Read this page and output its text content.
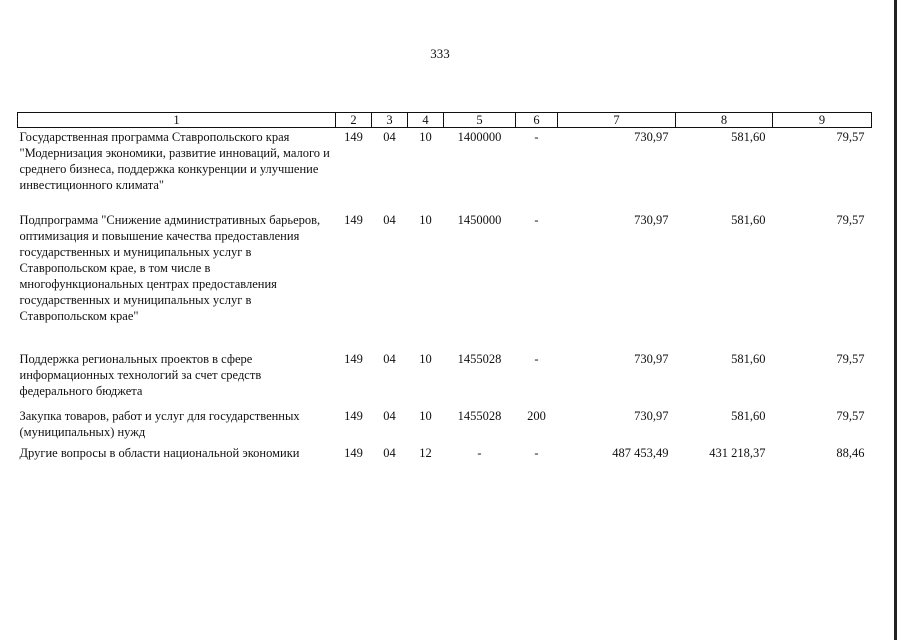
333
1	2	3	4	5	6	7	8	9
Государственная программа Ставропольского края "Модернизация экономики, развитие инноваций, малого и среднего бизнеса, поддержка конкуренции и улучшение инвестиционного климата"	149	04	10	1400000	-	730,97	581,60	79,57
Подпрограмма "Снижение административных барьеров, оптимизация и повышение качества предоставления государственных и муниципальных услуг в Ставропольском крае, в том числе в многофункциональных центрах предоставления государственных и муниципальных услуг в Ставропольском крае"	149	04	10	1450000	-	730,97	581,60	79,57
Поддержка региональных проектов в сфере информационных технологий за счет средств федерального бюджета	149	04	10	1455028	-	730,97	581,60	79,57
Закупка товаров, работ и услуг для государственных (муниципальных) нужд	149	04	10	1455028	200	730,97	581,60	79,57
Другие вопросы в области национальной экономики	149	04	12	-	-	487 453,49	431 218,37	88,46
